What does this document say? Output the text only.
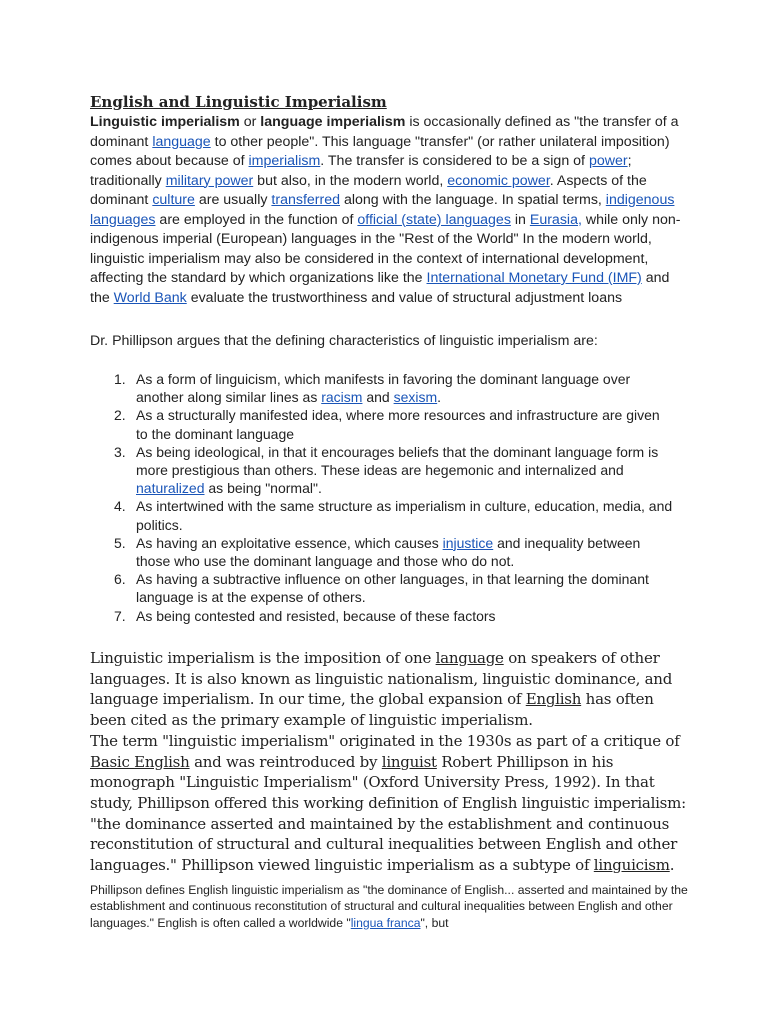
English and Linguistic Imperialism
Linguistic imperialism or language imperialism is occasionally defined as "the transfer of a dominant language to other people". This language "transfer" (or rather unilateral imposition) comes about because of imperialism. The transfer is considered to be a sign of power; traditionally military power but also, in the modern world, economic power. Aspects of the dominant culture are usually transferred along with the language. In spatial terms, indigenous languages are employed in the function of official (state) languages in Eurasia, while only non-indigenous imperial (European) languages in the "Rest of the World" In the modern world, linguistic imperialism may also be considered in the context of international development, affecting the standard by which organizations like the International Monetary Fund (IMF) and the World Bank evaluate the trustworthiness and value of structural adjustment loans
Dr. Phillipson argues that the defining characteristics of linguistic imperialism are:
1. As a form of linguicism, which manifests in favoring the dominant language over another along similar lines as racism and sexism.
2. As a structurally manifested idea, where more resources and infrastructure are given to the dominant language
3. As being ideological, in that it encourages beliefs that the dominant language form is more prestigious than others. These ideas are hegemonic and internalized and naturalized as being "normal".
4. As intertwined with the same structure as imperialism in culture, education, media, and politics.
5. As having an exploitative essence, which causes injustice and inequality between those who use the dominant language and those who do not.
6. As having a subtractive influence on other languages, in that learning the dominant language is at the expense of others.
7. As being contested and resisted, because of these factors
Linguistic imperialism is the imposition of one language on speakers of other languages. It is also known as linguistic nationalism, linguistic dominance, and language imperialism. In our time, the global expansion of English has often been cited as the primary example of linguistic imperialism.
The term "linguistic imperialism" originated in the 1930s as part of a critique of Basic English and was reintroduced by linguist Robert Phillipson in his monograph "Linguistic Imperialism" (Oxford University Press, 1992). In that study, Phillipson offered this working definition of English linguistic imperialism: "the dominance asserted and maintained by the establishment and continuous reconstitution of structural and cultural inequalities between English and other languages." Phillipson viewed linguistic imperialism as a subtype of linguicism.
Phillipson defines English linguistic imperialism as "the dominance of English... asserted and maintained by the establishment and continuous reconstitution of structural and cultural inequalities between English and other languages." English is often called a worldwide "lingua franca", but
